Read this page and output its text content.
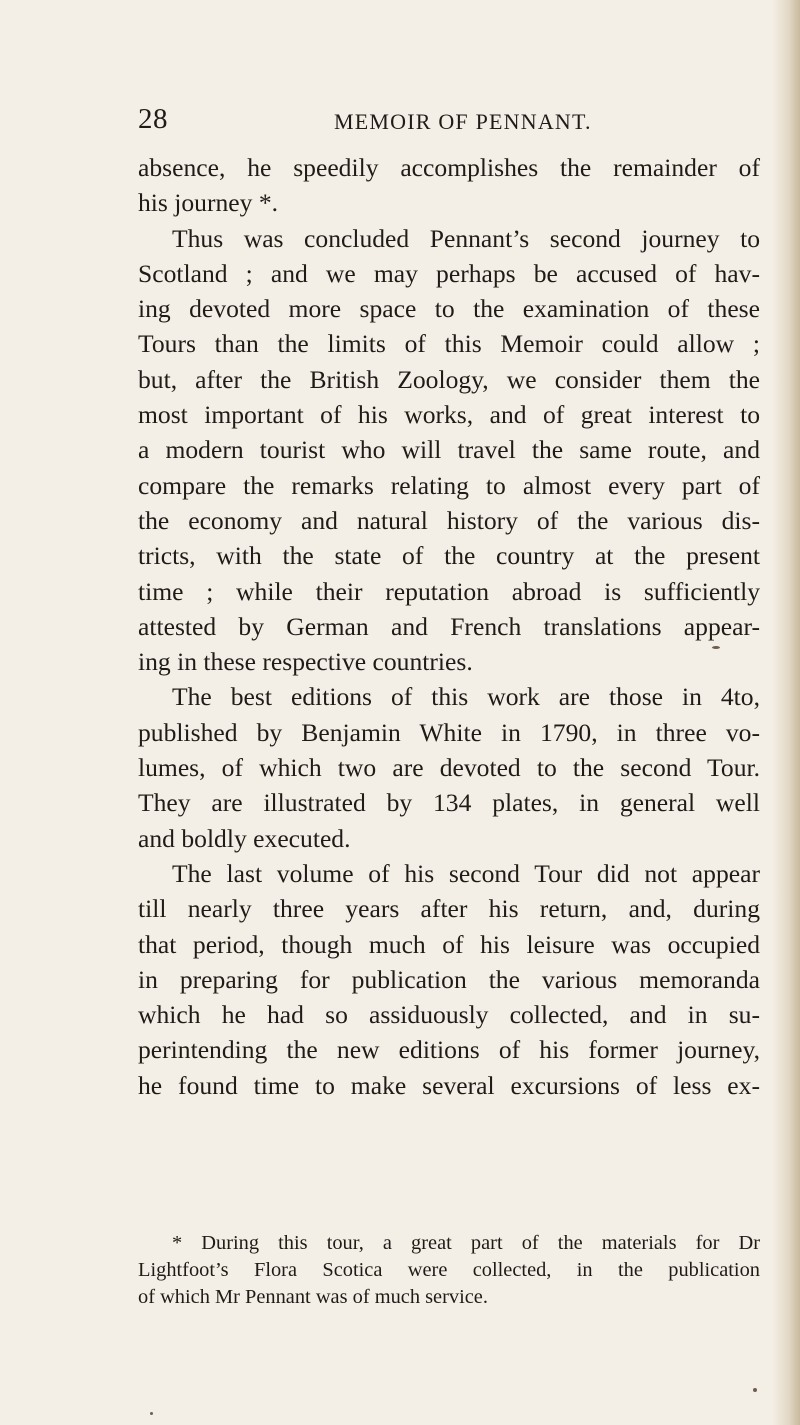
28	MEMOIR OF PENNANT.
absence, he speedily accomplishes the remainder of
his journey *.
Thus was concluded Pennant’s second journey to
Scotland ; and we may perhaps be accused of hav-
ing devoted more space to the examination of these
Tours than the limits of this Memoir could allow ;
but, after the British Zoology, we consider them the
most important of his works, and of great interest to
a modern tourist who will travel the same route, and
compare the remarks relating to almost every part of
the economy and natural history of the various dis-
tricts, with the state of the country at the present
time ; while their reputation abroad is sufficiently
attested by German and French translations appear-
ing in these respective countries.
The best editions of this work are those in 4to,
published by Benjamin White in 1790, in three vo-
lumes, of which two are devoted to the second Tour.
They are illustrated by 134 plates, in general well
and boldly executed.
The last volume of his second Tour did not appear
till nearly three years after his return, and, during
that period, though much of his leisure was occupied
in preparing for publication the various memoranda
which he had so assiduously collected, and in su-
perintending the new editions of his former journey,
he found time to make several excursions of less ex-
* During this tour, a great part of the materials for Dr
Lightfoot’s Flora Scotica were collected, in the publication
of which Mr Pennant was of much service.
